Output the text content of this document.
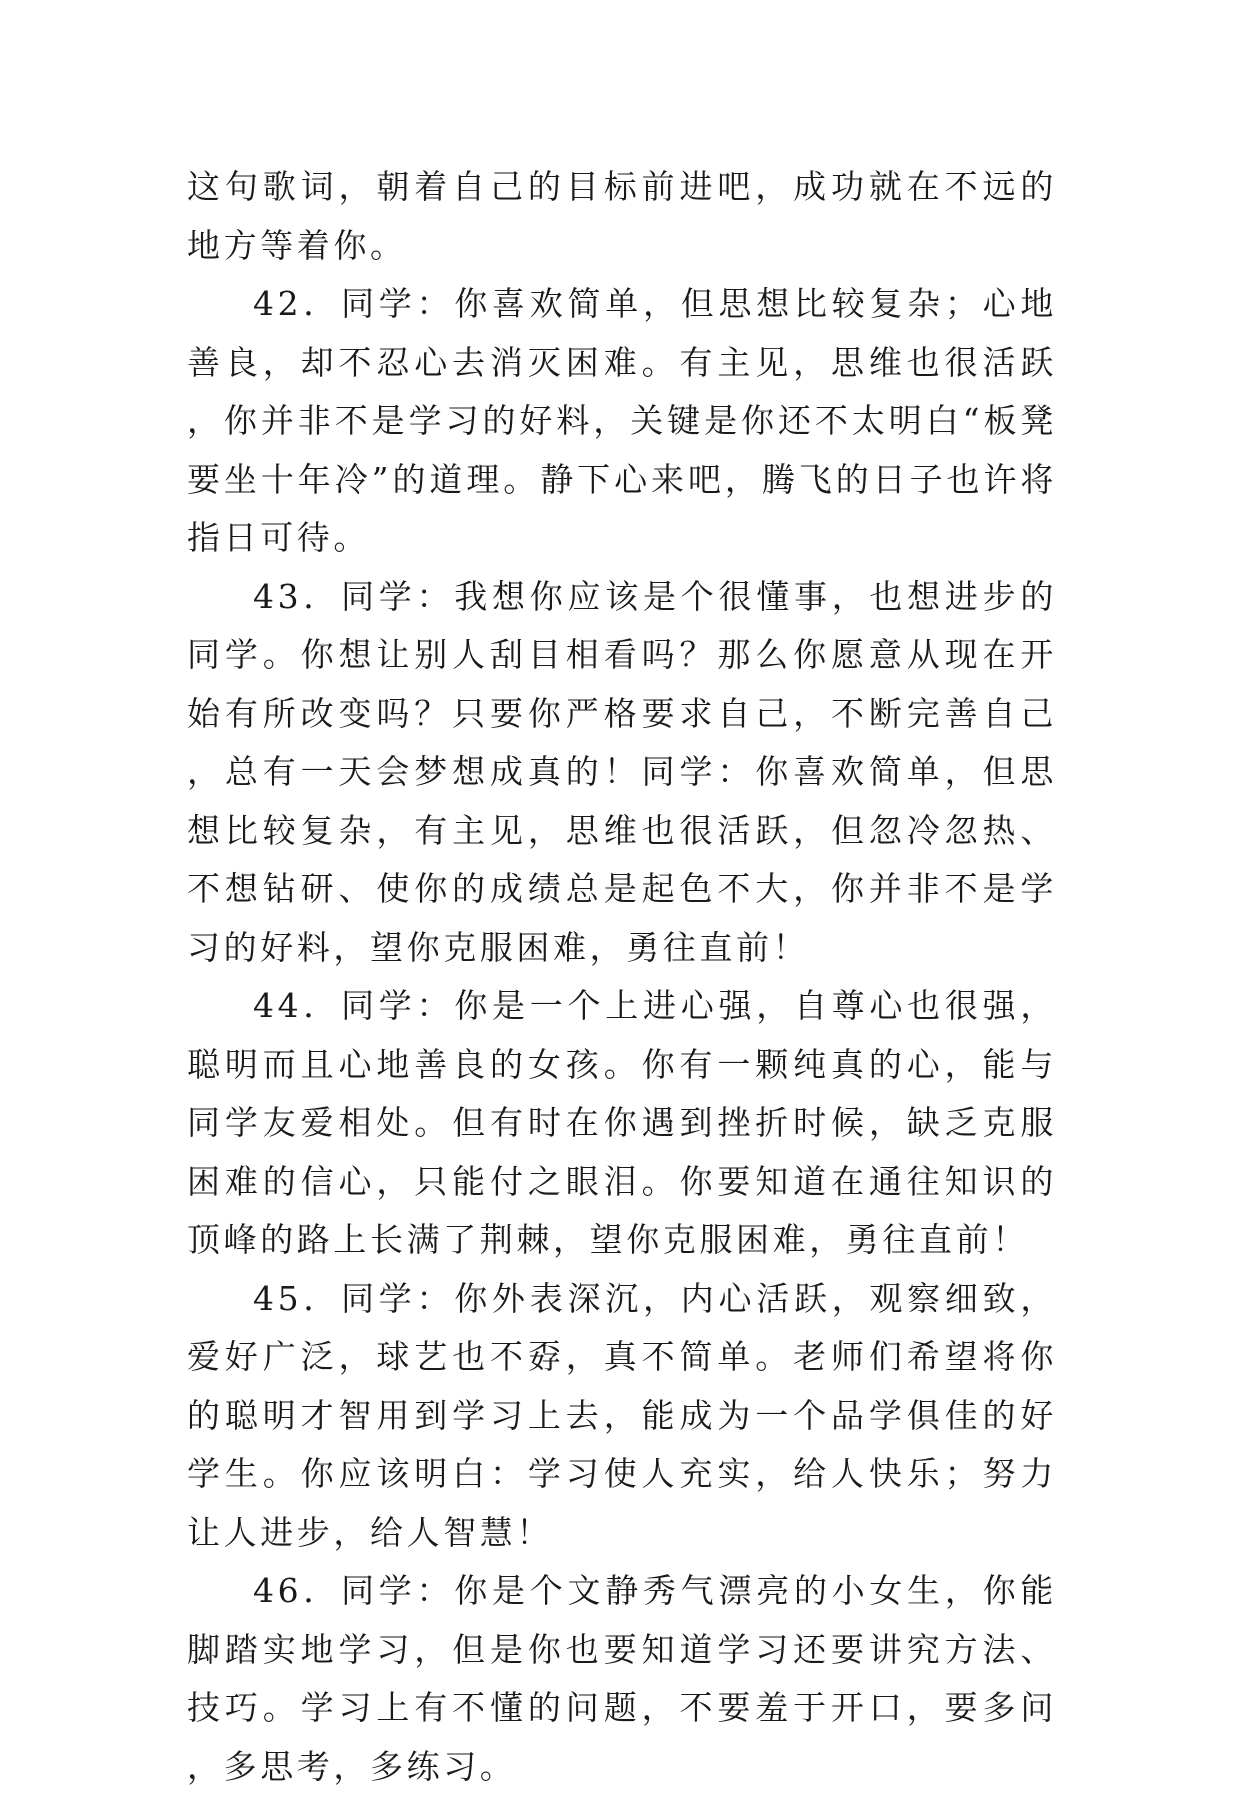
这句歌词，朝着自己的目标前进吧，成功就在不远的地方等着你。

42．同学：你喜欢简单，但思想比较复杂；心地善良，却不忍心去消灭困难。有主见，思维也很活跃，你并非不是学习的好料，关键是你还不太明白“板凳要坐十年冷”的道理。静下心来吧，腾飞的日子也许将指日可待。

43．同学：我想你应该是个很懂事，也想进步的同学。你想让别人刮目相看吗？那么你愿意从现在开始有所改变吗？只要你严格要求自己，不断完善自己，总有一天会梦想成真的！同学：你喜欢简单，但思想比较复杂，有主见，思维也很活跃，但忽冷忽热、不想钻研、使你的成绩总是起色不大，你并非不是学习的好料，望你克服困难，勇往直前！

44．同学：你是一个上进心强，自尊心也很强，聪明而且心地善良的女孩。你有一颗纯真的心，能与同学友爱相处。但有时在你遇到挫折时候，缺乏克服困难的信心，只能付之眼泪。你要知道在通往知识的顶峰的路上长满了荆棘，望你克服困难，勇往直前！

45．同学：你外表深沉，内心活跃，观察细致，爱好广泛，球艺也不孬，真不简单。老师们希望将你的聪明才智用到学习上去，能成为一个品学俱佳的好学生。你应该明白：学习使人充实，给人快乐；努力让人进步，给人智慧！

46．同学：你是个文静秀气漂亮的小女生，你能脚踏实地学习，但是你也要知道学习还要讲究方法、技巧。学习上有不懂的问题，不要羞于开口，要多问，多思考，多练习。
